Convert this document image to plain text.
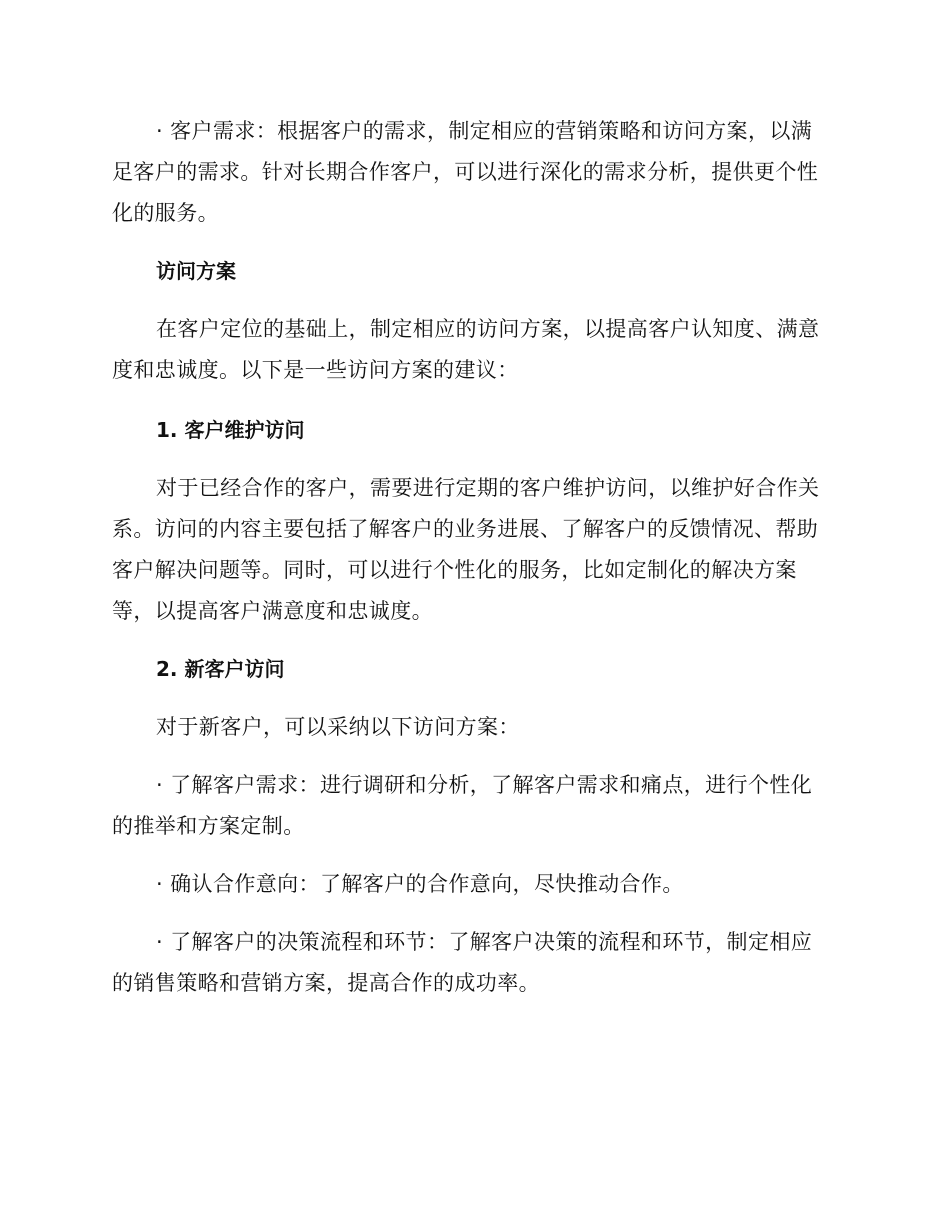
· 客户需求：根据客户的需求，制定相应的营销策略和访问方案，以满足客户的需求。针对长期合作客户，可以进行深化的需求分析，提供更个性化的服务。

访问方案

在客户定位的基础上，制定相应的访问方案，以提高客户认知度、满意度和忠诚度。以下是一些访问方案的建议：

1. 客户维护访问

对于已经合作的客户，需要进行定期的客户维护访问，以维护好合作关系。访问的内容主要包括了解客户的业务进展、了解客户的反馈情况、帮助客户解决问题等。同时，可以进行个性化的服务，比如定制化的解决方案等，以提高客户满意度和忠诚度。

2. 新客户访问

对于新客户，可以采纳以下访问方案：

· 了解客户需求：进行调研和分析，了解客户需求和痛点，进行个性化的推举和方案定制。

· 确认合作意向：了解客户的合作意向，尽快推动合作。

· 了解客户的决策流程和环节：了解客户决策的流程和环节，制定相应的销售策略和营销方案，提高合作的成功率。
